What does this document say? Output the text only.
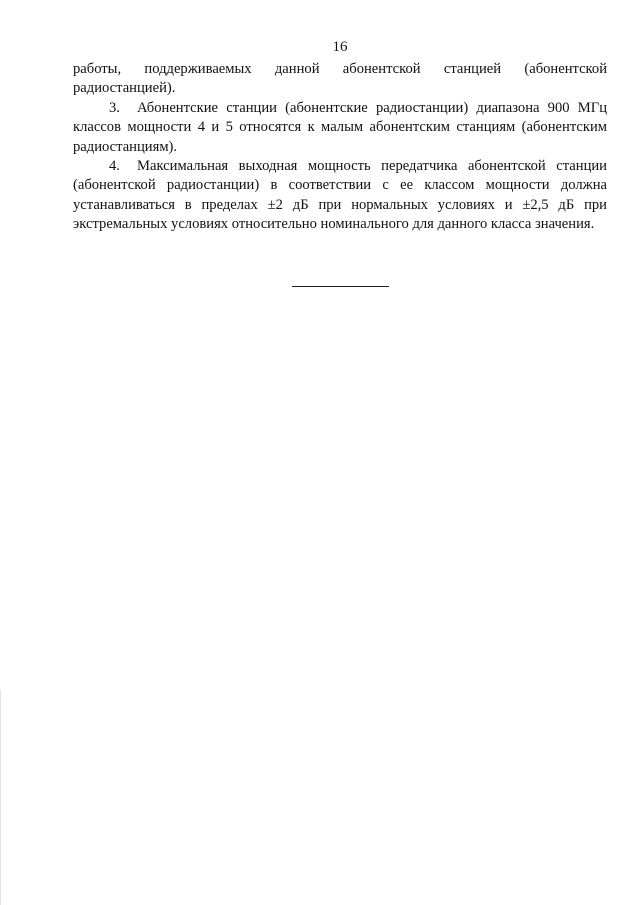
16

работы, поддерживаемых данной абонентской станцией (абонентской радиостанцией).

3. Абонентские станции (абонентские радиостанции) диапазона 900 МГц классов мощности 4 и 5 относятся к малым абонентским станциям (абонентским радиостанциям).

4. Максимальная выходная мощность передатчика абонентской станции (абонентской радиостанции) в соответствии с ее классом мощности должна устанавливаться в пределах ±2 дБ при нормальных условиях и ±2,5 дБ при экстремальных условиях относительно номинального для данного класса значения.
